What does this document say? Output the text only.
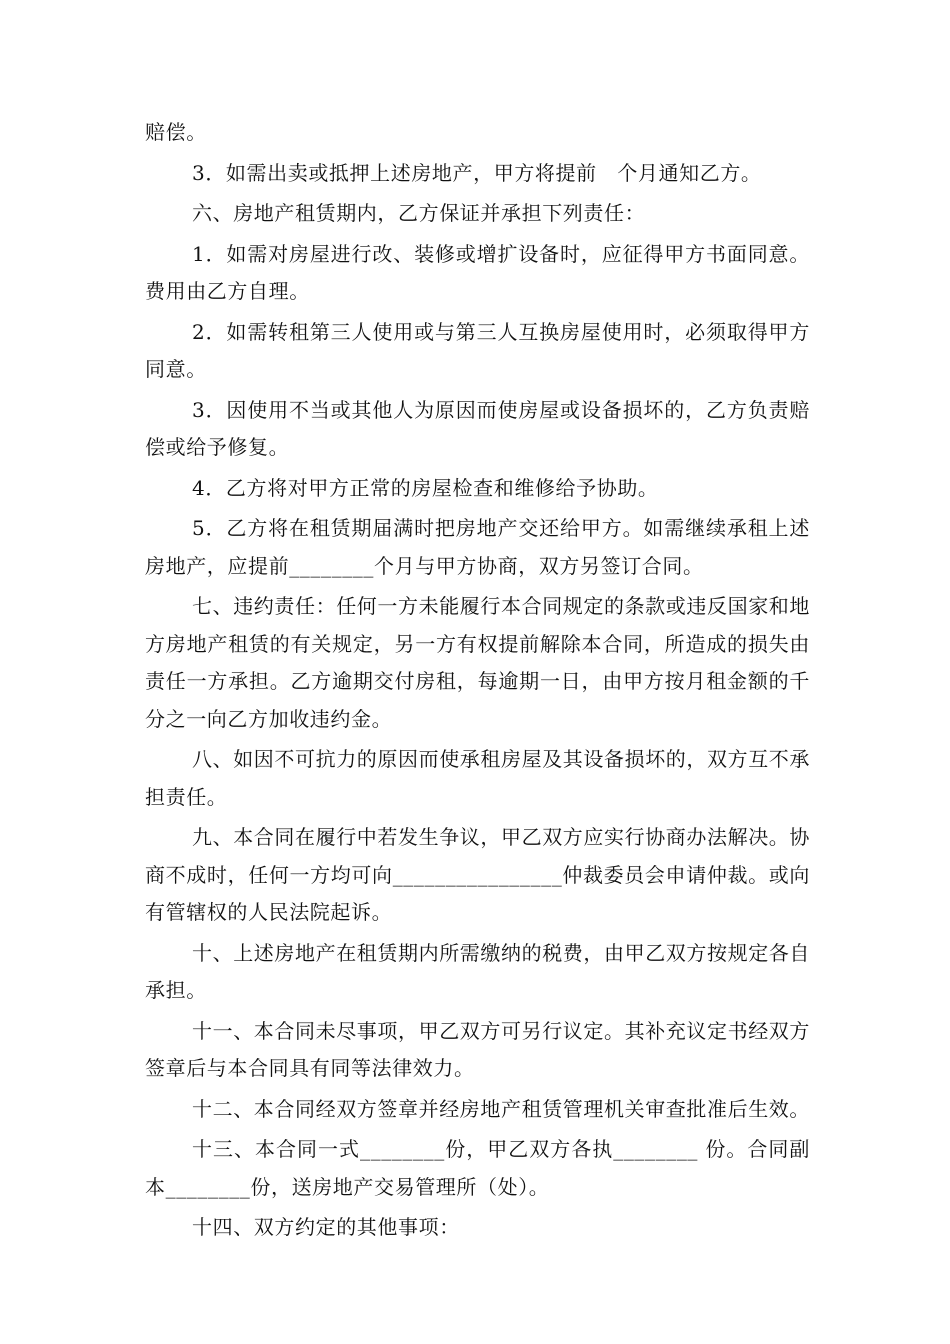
赔偿。

3．如需出卖或抵押上述房地产，甲方将提前　个月通知乙方。

六、房地产租赁期内，乙方保证并承担下列责任：

1．如需对房屋进行改、装修或增扩设备时，应征得甲方书面同意。费用由乙方自理。

2．如需转租第三人使用或与第三人互换房屋使用时，必须取得甲方同意。

3．因使用不当或其他人为原因而使房屋或设备损坏的，乙方负责赔偿或给予修复。

4．乙方将对甲方正常的房屋检查和维修给予协助。

5．乙方将在租赁期届满时把房地产交还给甲方。如需继续承租上述房地产，应提前________个月与甲方协商，双方另签订合同。

七、违约责任：任何一方未能履行本合同规定的条款或违反国家和地方房地产租赁的有关规定，另一方有权提前解除本合同，所造成的损失由责任一方承担。乙方逾期交付房租，每逾期一日，由甲方按月租金额的千分之一向乙方加收违约金。

八、如因不可抗力的原因而使承租房屋及其设备损坏的，双方互不承担责任。

九、本合同在履行中若发生争议，甲乙双方应实行协商办法解决。协商不成时，任何一方均可向________________仲裁委员会申请仲裁。或向有管辖权的人民法院起诉。

十、上述房地产在租赁期内所需缴纳的税费，由甲乙双方按规定各自承担。

十一、本合同未尽事项，甲乙双方可另行议定。其补充议定书经双方签章后与本合同具有同等法律效力。

十二、本合同经双方签章并经房地产租赁管理机关审查批准后生效。

十三、本合同一式________份，甲乙双方各执________ 份。合同副本________份，送房地产交易管理所（处）。

十四、双方约定的其他事项：
